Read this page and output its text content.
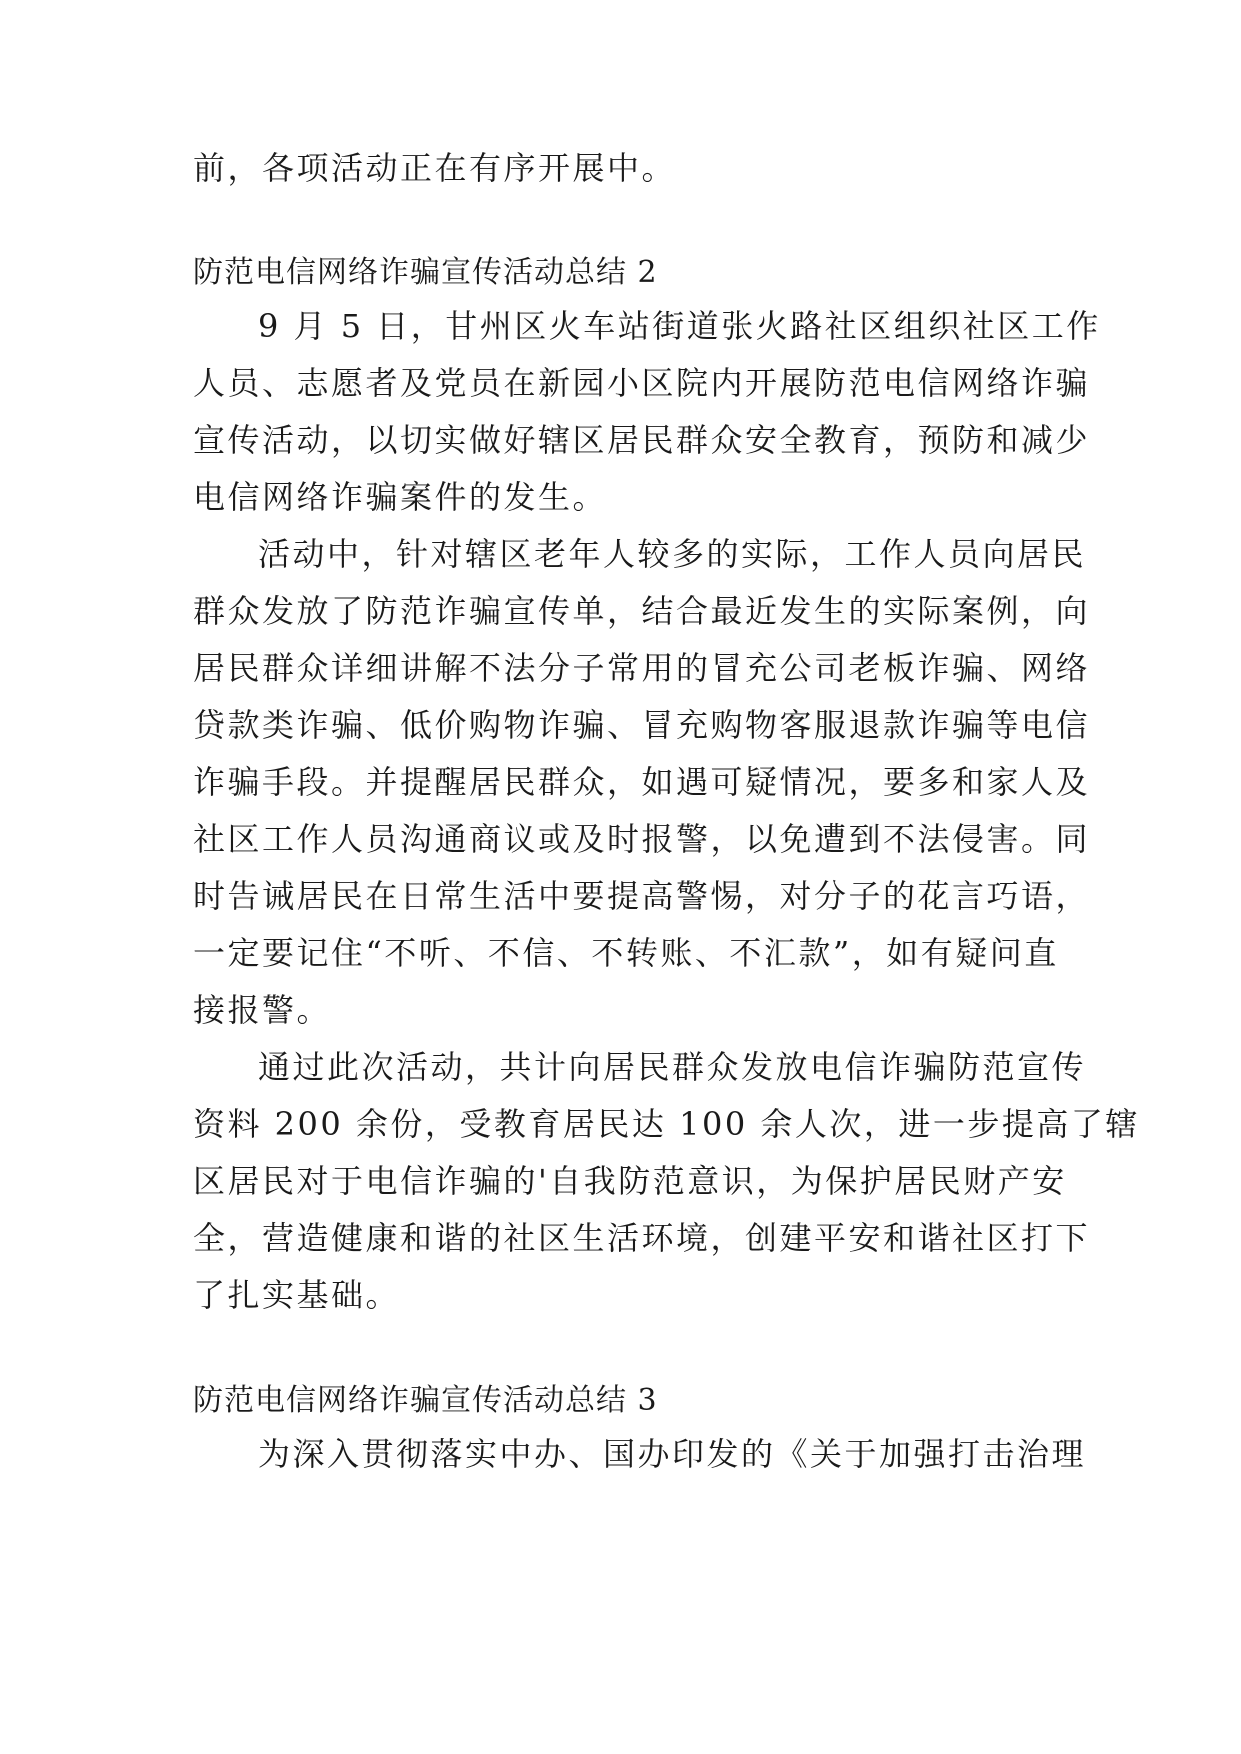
前，各项活动正在有序开展中。
防范电信网络诈骗宣传活动总结 2
9 月 5 日，甘州区火车站街道张火路社区组织社区工作
人员、志愿者及党员在新园小区院内开展防范电信网络诈骗
宣传活动，以切实做好辖区居民群众安全教育，预防和减少
电信网络诈骗案件的发生。
活动中，针对辖区老年人较多的实际，工作人员向居民
群众发放了防范诈骗宣传单，结合最近发生的实际案例，向
居民群众详细讲解不法分子常用的冒充公司老板诈骗、网络
贷款类诈骗、低价购物诈骗、冒充购物客服退款诈骗等电信
诈骗手段。并提醒居民群众，如遇可疑情况，要多和家人及
社区工作人员沟通商议或及时报警，以免遭到不法侵害。同
时告诫居民在日常生活中要提高警惕，对分子的花言巧语，
一定要记住“不听、不信、不转账、不汇款”，如有疑问直
接报警。
通过此次活动，共计向居民群众发放电信诈骗防范宣传
资料 200 余份，受教育居民达 100 余人次，进一步提高了辖
区居民对于电信诈骗的'自我防范意识，为保护居民财产安
全，营造健康和谐的社区生活环境，创建平安和谐社区打下
了扎实基础。
防范电信网络诈骗宣传活动总结 3
为深入贯彻落实中办、国办印发的《关于加强打击治理
